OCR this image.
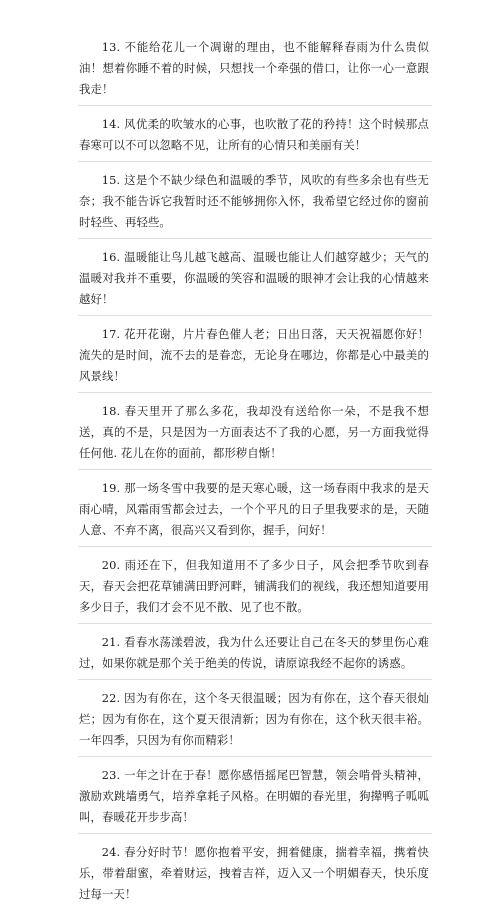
13. 不能给花儿一个凋谢的理由，也不能解释春雨为什么贵似油！想着你睡不着的时候，只想找一个牵强的借口，让你一心一意跟我走！
14. 风优柔的吹皱水的心事，也吹散了花的矜持！这个时候那点春寒可以不可以忽略不见，让所有的心情只和美丽有关！
15. 这是个不缺少绿色和温暖的季节，风吹的有些多余也有些无奈；我不能告诉它我暂时还不能够拥你入怀，我希望它经过你的窗前时轻些、再轻些。
16. 温暖能让鸟儿越飞越高、温暖也能让人们越穿越少；天气的温暖对我并不重要，你温暖的笑容和温暖的眼神才会让我的心情越来越好！
17. 花开花谢，片片春色催人老；日出日落，天天祝福愿你好！流失的是时间，流不去的是眷恋，无论身在哪边，你都是心中最美的风景线！
18. 春天里开了那么多花，我却没有送给你一朵，不是我不想送，真的不是，只是因为一方面表达不了我的心愿，另一方面我觉得任何他. 花儿在你的面前，都形秽自惭！
19. 那一场冬雪中我要的是天寒心暖，这一场春雨中我求的是天雨心晴，风霜雨雪都会过去，一个个平凡的日子里我要求的是，天随人意、不弃不离，很高兴又看到你，握手，问好！
20. 雨还在下，但我知道用不了多少日子，风会把季节吹到春天，春天会把花草铺满田野河畔，铺满我们的视线，我还想知道要用多少日子，我们才会不见不散、见了也不散。
21. 看春水荡漾碧波，我为什么还要让自己在冬天的梦里伤心难过，如果你就是那个关于绝美的传说，请原谅我经不起你的诱惑。
22. 因为有你在，这个冬天很温暖；因为有你在，这个春天很灿烂；因为有你在，这个夏天很清新；因为有你在，这个秋天很丰裕。一年四季，只因为有你而精彩！
23. 一年之计在于春！愿你感悟摇尾巴智慧，领会啃骨头精神，激励欢跳墙勇气，培养拿耗子风格。在明媚的春光里，狗撵鸭子呱呱叫，春暖花开步步高！
24. 春分好时节！愿你抱着平安，拥着健康，揣着幸福，携着快乐，带着甜蜜，牵着财运，拽着吉祥，迈入又一个明媚春天，快乐度过每一天！
